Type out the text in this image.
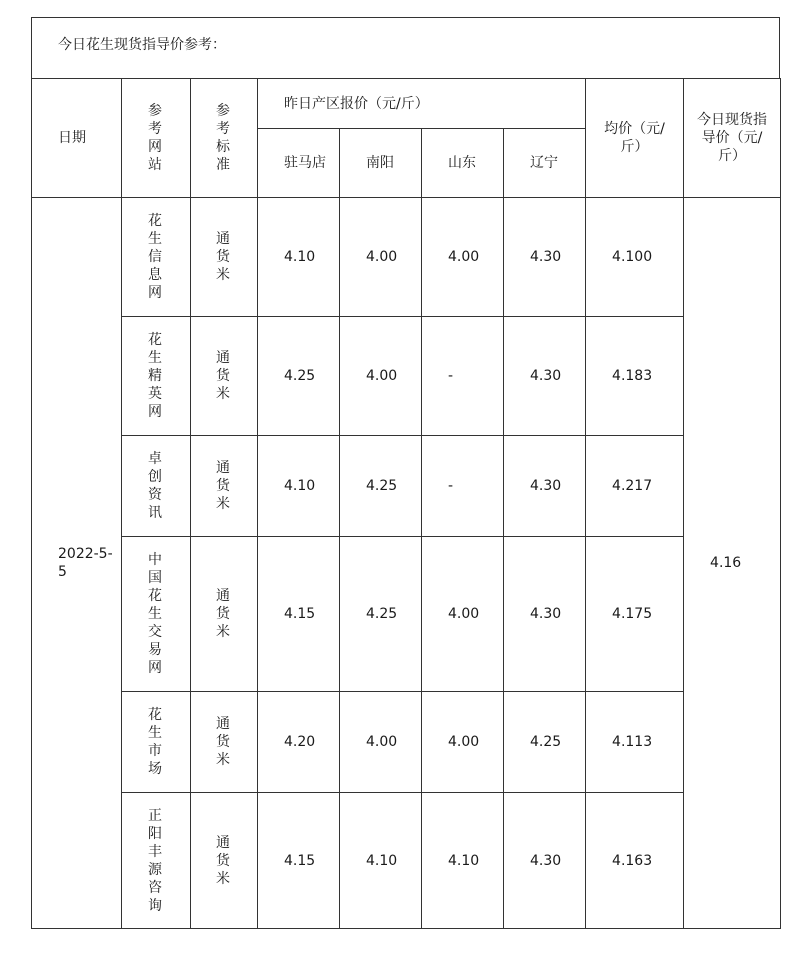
今日花生现货指导价参考：
日期	参考网站	参考标准	昨日产区报价（元/斤）				均价（元/斤）	今日现货指导价（元/斤）
			驻马店	南阳	山东	辽宁		
2022-5-5	花生信息网	通货米	4.10	4.00	4.00	4.30	4.100	4.16

	花生精英网	通货米	4.25	4.00	-	4.30	4.183	

	卓创资讯	通货米	4.10	4.25	-	4.30	4.217	

	中国花生交易网	通货米	4.15	4.25	4.00	4.30	4.175	

	花生市场	通货米	4.20	4.00	4.00	4.25	4.113	

	正阳丰源咨询	通货米	4.15	4.10	4.10	4.30	4.163	
